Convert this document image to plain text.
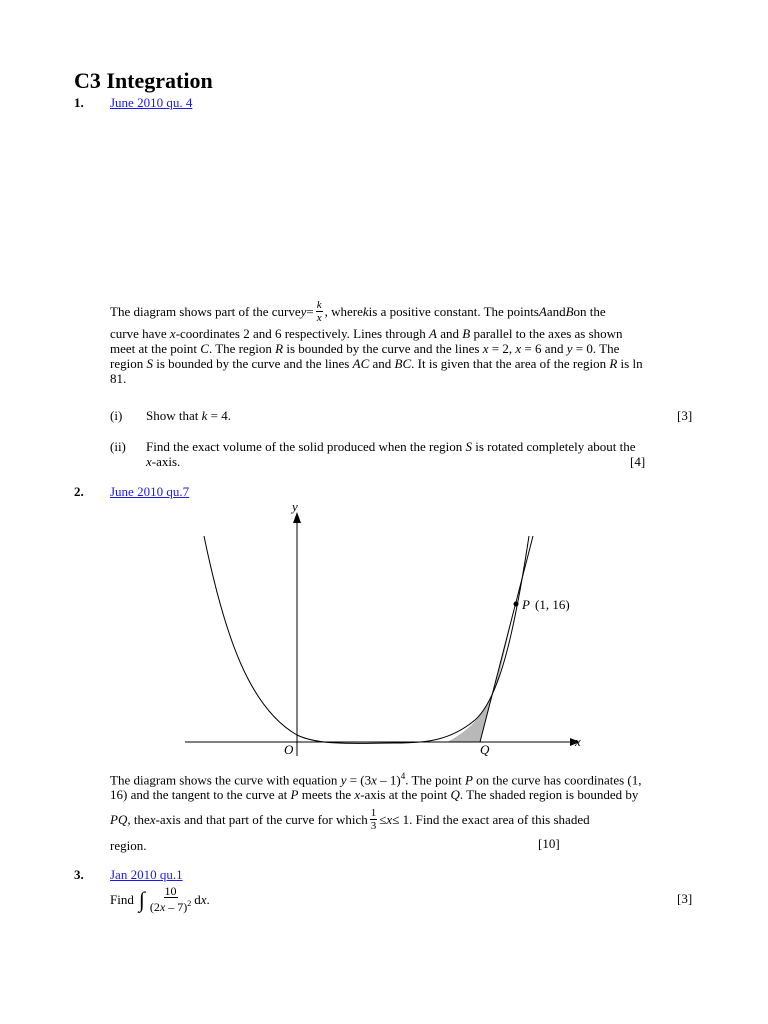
C3 Integration
1. June 2010 qu. 4
The diagram shows part of the curve $y = \frac{k}{x}$ , where k is a positive constant. The points A and B on the
curve have x-coordinates 2 and 6 respectively. Lines through A and B parallel to the axes as shown
meet at the point C. The region R is bounded by the curve and the lines x = 2, x = 6 and y = 0. The
region S is bounded by the curve and the lines AC and BC. It is given that the area of the region R is ln
81.
(i) Show that k = 4.	[3]
(ii) Find the exact volume of the solid produced when the region S is rotated completely about the
x-axis.	[4]
2. June 2010 qu.7
y
x
O	Q
P (1, 16)
The diagram shows the curve with equation y = (3x – 1)$^4$. The point P on the curve has coordinates (1,
16) and the tangent to the curve at P meets the x-axis at the point Q. The shaded region is bounded by
PQ , the x -axis and that part of the curve for which $\frac{1}{3} \le x \le 1$. Find the exact area of this shaded
region.	[10]
3. Jan 2010 qu.1
Find ∫ $\frac{10}{(2x - 7)^2}$ d x .	[3]
